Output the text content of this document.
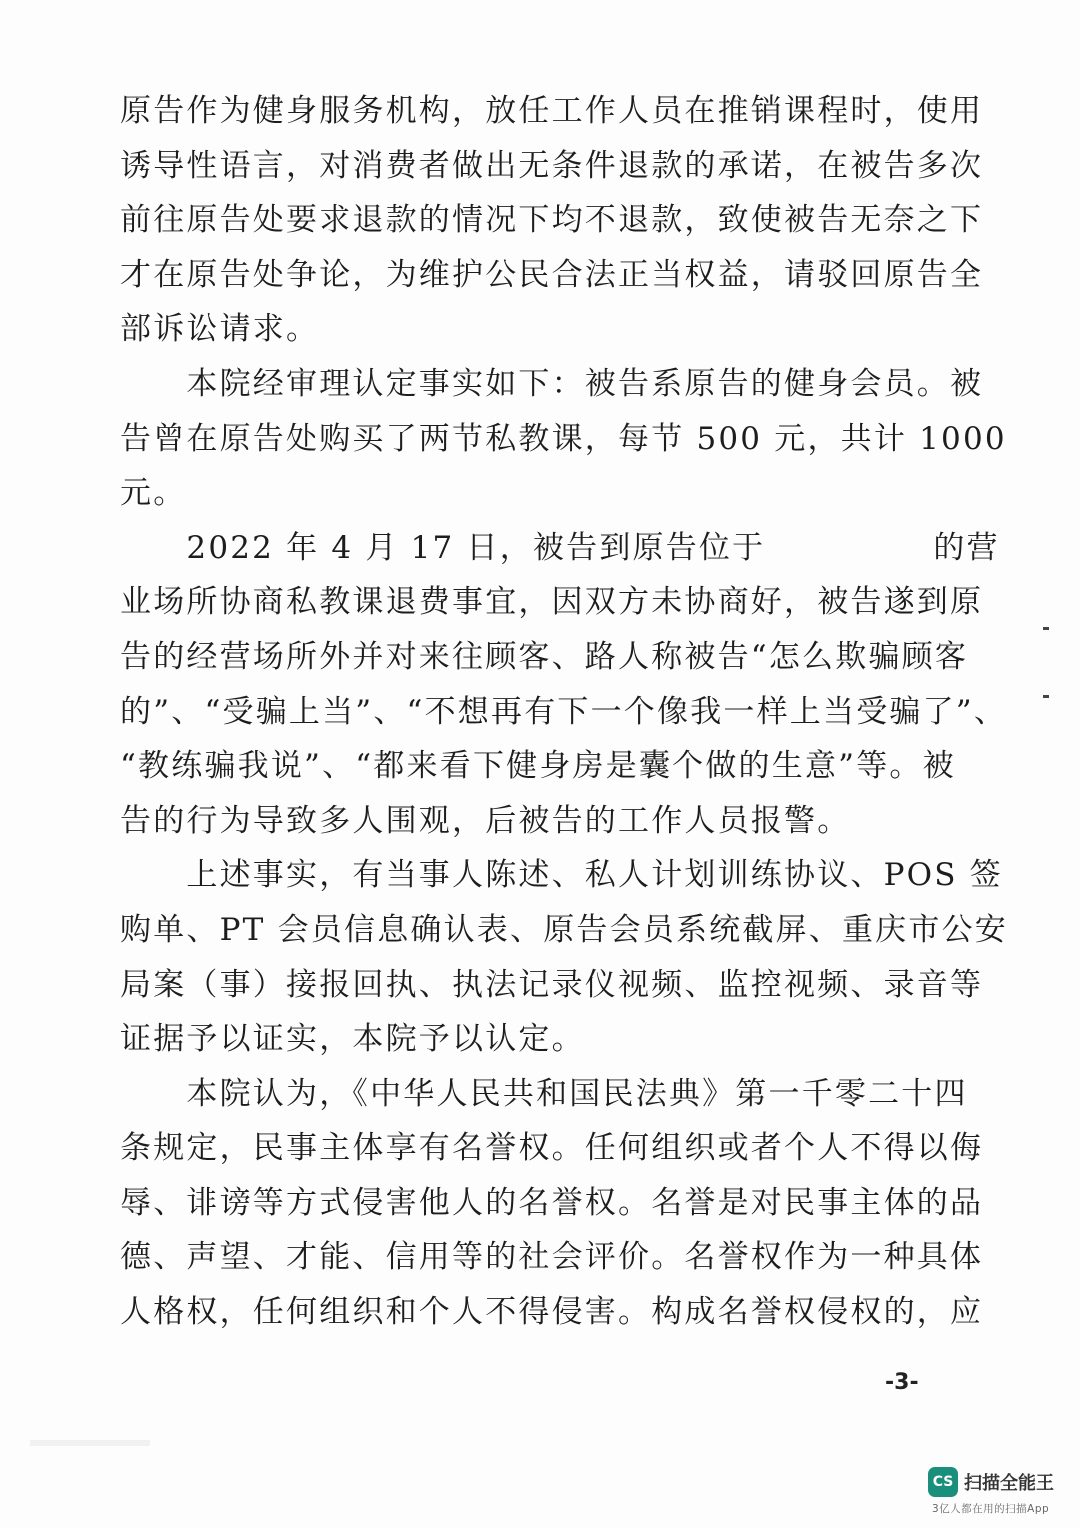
原告作为健身服务机构，放任工作人员在推销课程时，使用
诱导性语言，对消费者做出无条件退款的承诺，在被告多次
前往原告处要求退款的情况下均不退款，致使被告无奈之下
才在原告处争论，为维护公民合法正当权益，请驳回原告全
部诉讼请求。
　　本院经审理认定事实如下：被告系原告的健身会员。被
告曾在原告处购买了两节私教课，每节 500 元，共计 1000
元。
　　2022 年 4 月 17 日，被告到原告位于	的营
业场所协商私教课退费事宜，因双方未协商好，被告遂到原
告的经营场所外并对来往顾客、路人称被告“怎么欺骗顾客
的”、“受骗上当”、“不想再有下一个像我一样上当受骗了”、
“教练骗我说”、“都来看下健身房是囊个做的生意”等。被
告的行为导致多人围观，后被告的工作人员报警。
　　上述事实，有当事人陈述、私人计划训练协议、POS 签
购单、PT 会员信息确认表、原告会员系统截屏、重庆市公安
局案（事）接报回执、执法记录仪视频、监控视频、录音等
证据予以证实，本院予以认定。
　　本院认为，《中华人民共和国民法典》第一千零二十四
条规定，民事主体享有名誉权。任何组织或者个人不得以侮
辱、诽谤等方式侵害他人的名誉权。名誉是对民事主体的品
德、声望、才能、信用等的社会评价。名誉权作为一种具体
人格权，任何组织和个人不得侵害。构成名誉权侵权的，应
-3-
CS 扫描全能王
3亿人都在用的扫描App
